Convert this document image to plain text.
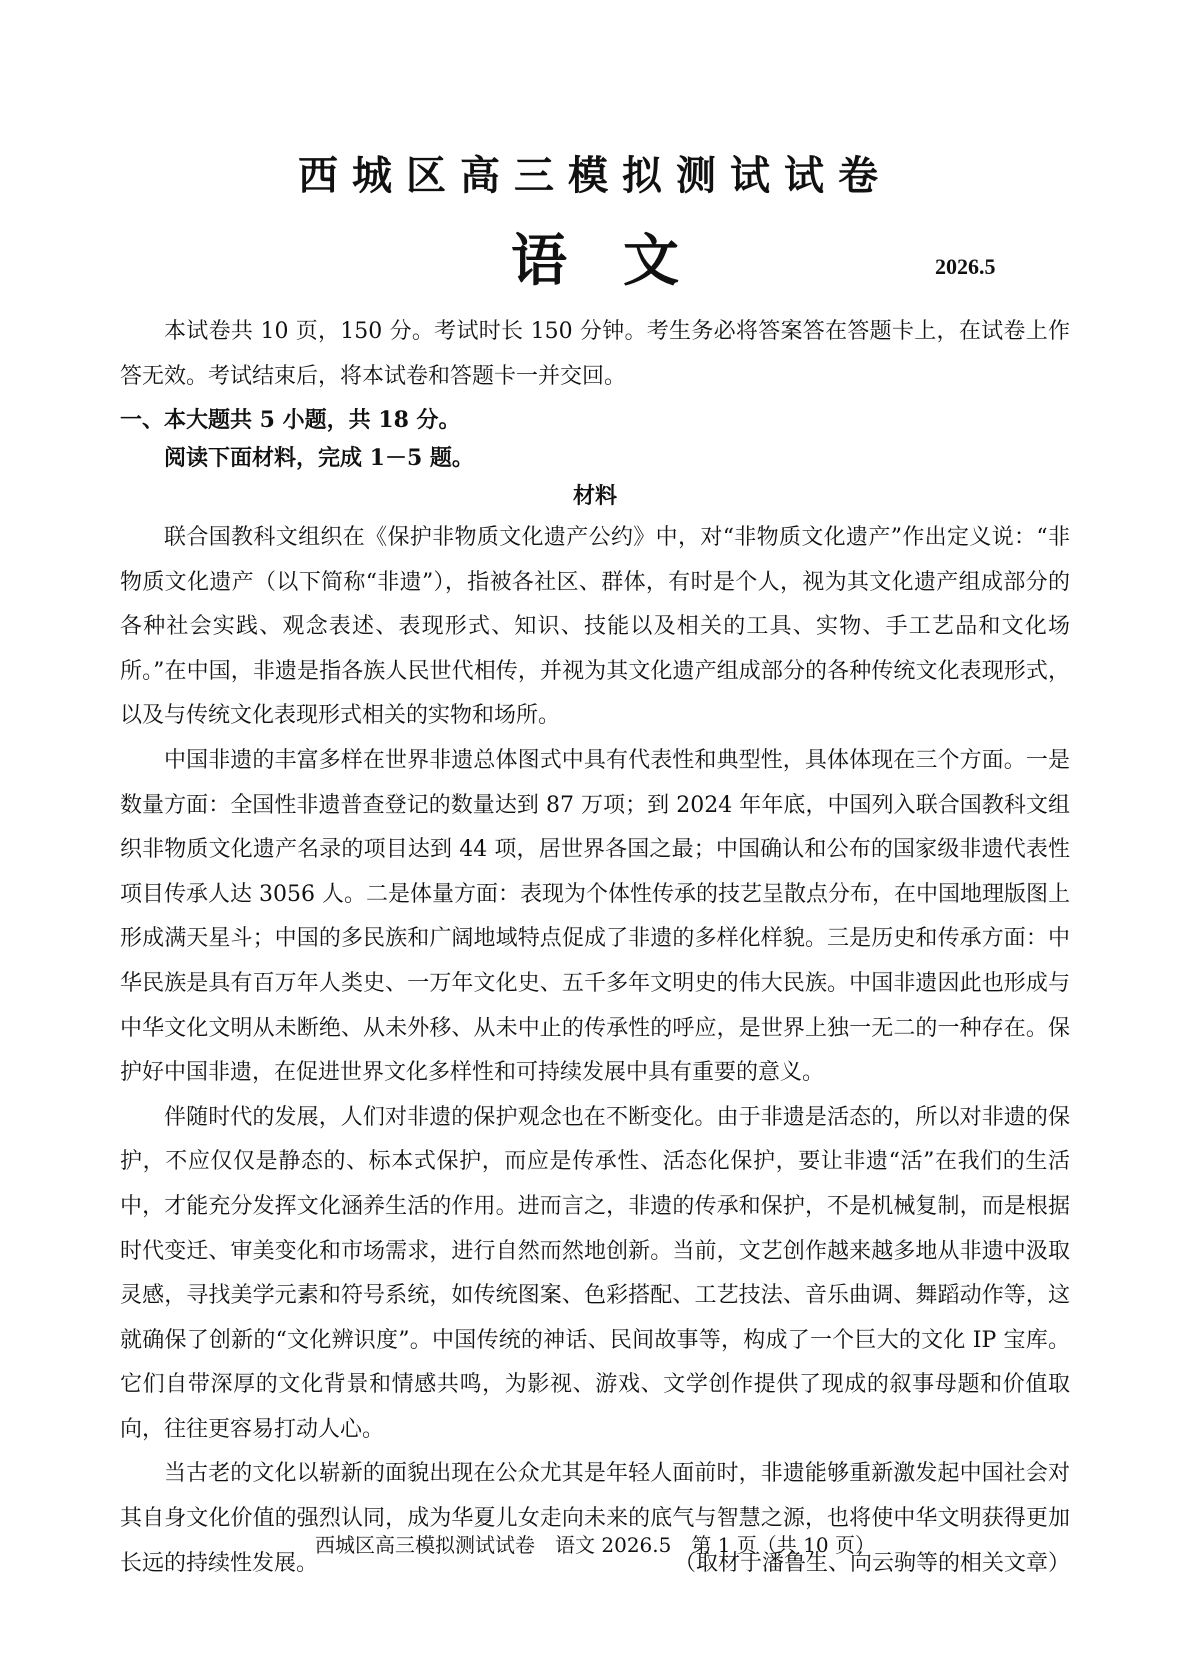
西城区高三模拟测试试卷
语文	2026.5

本试卷共 10 页，150 分。考试时长 150 分钟。考生务必将答案答在答题卡上，在试卷上作答无效。考试结束后，将本试卷和答题卡一并交回。

一、本大题共 5 小题，共 18 分。
阅读下面材料，完成 1－5 题。
材料

联合国教科文组织在《保护非物质文化遗产公约》中，对“非物质文化遗产”作出定义说：“非物质文化遗产（以下简称“非遗”），指被各社区、群体，有时是个人，视为其文化遗产组成部分的各种社会实践、观念表述、表现形式、知识、技能以及相关的工具、实物、手工艺品和文化场所。”在中国，非遗是指各族人民世代相传，并视为其文化遗产组成部分的各种传统文化表现形式，以及与传统文化表现形式相关的实物和场所。

中国非遗的丰富多样在世界非遗总体图式中具有代表性和典型性，具体体现在三个方面。一是数量方面：全国性非遗普查登记的数量达到 87 万项；到 2024 年年底，中国列入联合国教科文组织非物质文化遗产名录的项目达到 44 项，居世界各国之最；中国确认和公布的国家级非遗代表性项目传承人达 3056 人。二是体量方面：表现为个体性传承的技艺呈散点分布，在中国地理版图上形成满天星斗；中国的多民族和广阔地域特点促成了非遗的多样化样貌。三是历史和传承方面：中华民族是具有百万年人类史、一万年文化史、五千多年文明史的伟大民族。中国非遗因此也形成与中华文化文明从未断绝、从未外移、从未中止的传承性的呼应，是世界上独一无二的一种存在。保护好中国非遗，在促进世界文化多样性和可持续发展中具有重要的意义。

伴随时代的发展，人们对非遗的保护观念也在不断变化。由于非遗是活态的，所以对非遗的保护，不应仅仅是静态的、标本式保护，而应是传承性、活态化保护，要让非遗“活”在我们的生活中，才能充分发挥文化涵养生活的作用。进而言之，非遗的传承和保护，不是机械复制，而是根据时代变迁、审美变化和市场需求，进行自然而然地创新。当前，文艺创作越来越多地从非遗中汲取灵感，寻找美学元素和符号系统，如传统图案、色彩搭配、工艺技法、音乐曲调、舞蹈动作等，这就确保了创新的“文化辨识度”。中国传统的神话、民间故事等，构成了一个巨大的文化 IP 宝库。它们自带深厚的文化背景和情感共鸣，为影视、游戏、文学创作提供了现成的叙事母题和价值取向，往往更容易打动人心。

当古老的文化以崭新的面貌出现在公众尤其是年轻人面前时，非遗能够重新激发起中国社会对其自身文化价值的强烈认同，成为华夏儿女走向未来的底气与智慧之源，也将使中华文明获得更加长远的持续性发展。	（取材于潘鲁生、向云驹等的相关文章）

西城区高三模拟测试试卷　语文 2026.5　第 1 页（共 10 页）
